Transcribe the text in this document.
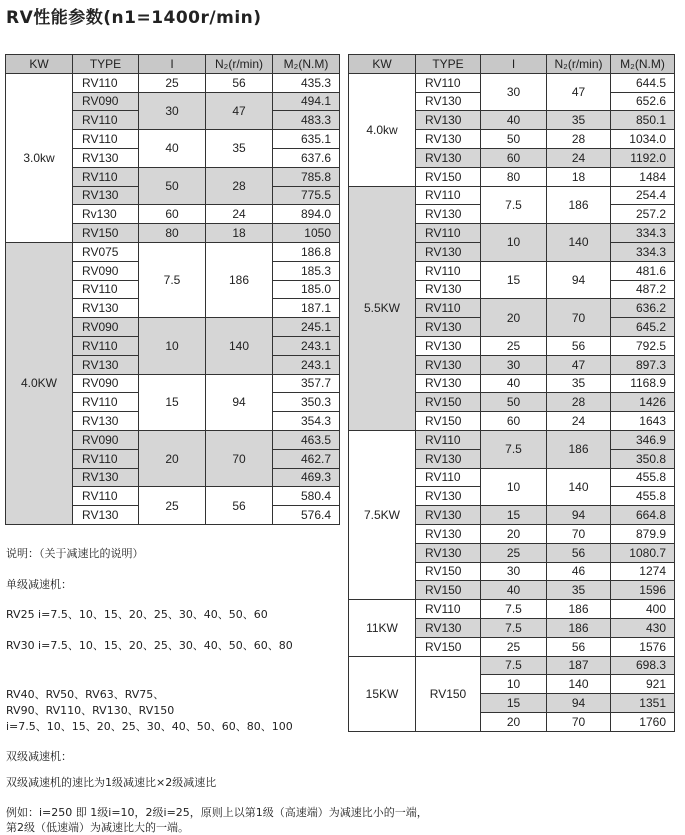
RV性能参数(n1=1400r/min)
KW	TYPE	I	N₂(r/min)	M₂(N.M)
3.0kw	RV110	25	56	435.3
	RV090	30	47	494.1
	RV110			483.3
	RV110	40	35	635.1
	RV130			637.6
	RV110	50	28	785.8
	RV130			775.5
	Rv130	60	24	894.0
	RV150	80	18	1050
4.0KW	RV075	7.5	186	186.8
	RV090			185.3
	RV110			185.0
	RV130			187.1
	RV090	10	140	245.1
	RV110			243.1
	RV130			243.1
	RV090	15	94	357.7
	RV110			350.3
	RV130			354.3
	RV090	20	70	463.5
	RV110			462.7
	RV130			469.3
	RV110	25	56	580.4
	RV130			576.4
KW	TYPE	I	N₂(r/min)	M₂(N.M)
4.0kw	RV110	30	47	644.5
	RV130			652.6
	RV130	40	35	850.1
	RV130	50	28	1034.0
	RV130	60	24	1192.0
	RV150	80	18	1484
5.5KW	RV110	7.5	186	254.4
	RV130			257.2
	RV110	10	140	334.3
	RV130			334.3
	RV110	15	94	481.6
	RV130			487.2
	RV110	20	70	636.2
	RV130			645.2
	RV130	25	56	792.5
	RV130	30	47	897.3
	RV130	40	35	1168.9
	RV150	50	28	1426
	RV150	60	24	1643
7.5KW	RV110	7.5	186	346.9
	RV130			350.8
	RV110	10	140	455.8
	RV130			455.8
	RV130	15	94	664.8
	RV130	20	70	879.9
	RV130	25	56	1080.7
	RV150	30	46	1274
	RV150	40	35	1596
11KW	RV110	7.5	186	400
	RV130	7.5	186	430
	RV150	25	56	1576
15KW	RV150	7.5	187	698.3
		10	140	921
		15	94	1351
		20	70	1760
说明：（关于减速比的说明）
单级减速机：
RV25 i=7.5、10、15、20、25、30、40、50、60
RV30 i=7.5、10、15、20、25、30、40、50、60、80
RV40、RV50、RV63、RV75、
RV90、RV110、RV130、RV150
i=7.5、10、15、20、25、30、40、50、60、80、100
双级减速机：
双级减速机的速比为1级减速比×2级减速比
例如：i=250 即 1级i=10，2级i=25，原则上以第1级（高速端）为减速比小的一端，
第2级（低速端）为减速比大的一端。
